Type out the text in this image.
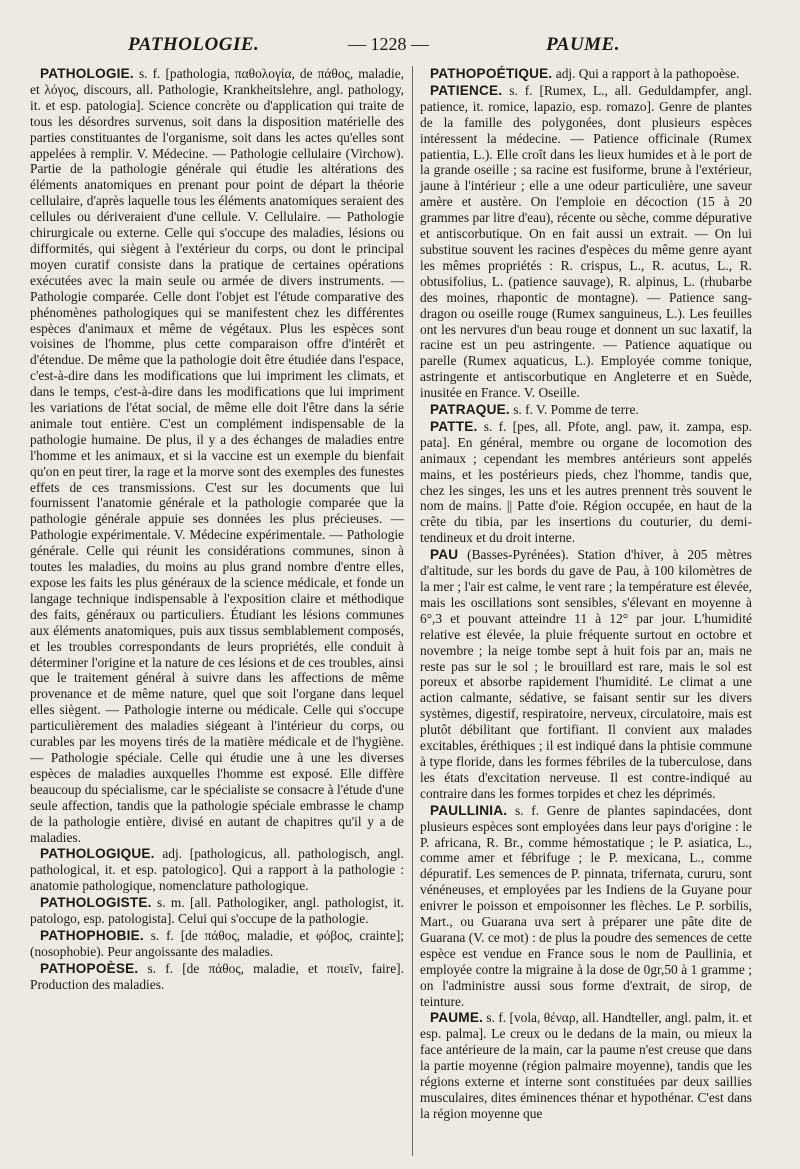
PATHOLOGIE.	— 1228 —	PAUME.

PATHOLOGIE. s. f. [pathologia, παθολογία, de πάθος, maladie, et λόγος, discours, all. Pathologie, Krankheitslehre, angl. pathology, it. et esp. patologia]. Science concrète ou d'application qui traite de tous les désordres survenus, soit dans la disposition matérielle des parties constituantes de l'organisme, soit dans les actes qu'elles sont appelées à remplir. V. Médecine. — Pathologie cellulaire (Virchow). Partie de la pathologie générale qui étudie les altérations des éléments anatomiques en prenant pour point de départ la théorie cellulaire, d'après laquelle tous les éléments anatomiques seraient des cellules ou dériveraient d'une cellule. V. Cellulaire. — Pathologie chirurgicale ou externe. Celle qui s'occupe des maladies, lésions ou difformités, qui siègent à l'extérieur du corps, ou dont le principal moyen curatif consiste dans la pratique de certaines opérations exécutées avec la main seule ou armée de divers instruments. — Pathologie comparée. Celle dont l'objet est l'étude comparative des phénomènes pathologiques qui se manifestent chez les différentes espèces d'animaux et même de végétaux. Plus les espèces sont voisines de l'homme, plus cette comparaison offre d'intérêt et d'étendue. De même que la pathologie doit être étudiée dans l'espace, c'est-à-dire dans les modifications que lui impriment les climats, et dans le temps, c'est-à-dire dans les modifications que lui impriment les variations de l'état social, de même elle doit l'être dans la série animale tout entière. C'est un complément indispensable de la pathologie humaine. De plus, il y a des échanges de maladies entre l'homme et les animaux, et si la vaccine est un exemple du bienfait qu'on en peut tirer, la rage et la morve sont des exemples des funestes effets de ces transmissions. C'est sur les documents que lui fournissent l'anatomie générale et la pathologie comparée que la pathologie générale appuie ses données les plus précieuses. — Pathologie expérimentale. V. Médecine expérimentale. — Pathologie générale. Celle qui réunit les considérations communes, sinon à toutes les maladies, du moins au plus grand nombre d'entre elles, expose les faits les plus généraux de la science médicale, et fonde un langage technique indispensable à l'exposition claire et méthodique des faits, généraux ou particuliers. Étudiant les lésions communes aux éléments anatomiques, puis aux tissus semblablement composés, et les troubles correspondants de leurs propriétés, elle conduit à déterminer l'origine et la nature de ces lésions et de ces troubles, ainsi que le traitement général à suivre dans les affections de même provenance et de même nature, quel que soit l'organe dans lequel elles siègent. — Pathologie interne ou médicale. Celle qui s'occupe particulièrement des maladies siégeant à l'intérieur du corps, ou curables par les moyens tirés de la matière médicale et de l'hygiène. — Pathologie spéciale. Celle qui étudie une à une les diverses espèces de maladies auxquelles l'homme est exposé. Elle diffère beaucoup du spécialisme, car le spécialiste se consacre à l'étude d'une seule affection, tandis que la pathologie spéciale embrasse le champ de la pathologie entière, divisé en autant de chapitres qu'il y a de maladies.

PATHOLOGIQUE. adj. [pathologicus, all. pathologisch, angl. pathological, it. et esp. patologico]. Qui a rapport à la pathologie : anatomie pathologique, nomenclature pathologique.

PATHOLOGISTE. s. m. [all. Pathologiker, angl. pathologist, it. patologo, esp. patologista]. Celui qui s'occupe de la pathologie.

PATHOPHOBIE. s. f. [de πάθος, maladie, et φόβος, crainte]; (nosophobie). Peur angoissante des maladies.

PATHOPOÈSE. s. f. [de πάθος, maladie, et ποιεῖν, faire]. Production des maladies.

PATHOPOÉTIQUE. adj. Qui a rapport à la pathopoèse.

PATIENCE. s. f. [Rumex, L., all. Geduldampfer, angl. patience, it. romice, lapazio, esp. romazo]. Genre de plantes de la famille des polygonées, dont plusieurs espèces intéressent la médecine. — Patience officinale (Rumex patientia, L.). Elle croît dans les lieux humides et à le port de la grande oseille ; sa racine est fusiforme, brune à l'extérieur, jaune à l'intérieur ; elle a une odeur particulière, une saveur amère et austère. On l'emploie en décoction (15 à 20 grammes par litre d'eau), récente ou sèche, comme dépurative et antiscorbutique. On en fait aussi un extrait. — On lui substitue souvent les racines d'espèces du même genre ayant les mêmes propriétés : R. crispus, L., R. acutus, L., R. obtusifolius, L. (patience sauvage), R. alpinus, L. (rhubarbe des moines, rhapontic de montagne). — Patience sang-dragon ou oseille rouge (Rumex sanguineus, L.). Les feuilles ont les nervures d'un beau rouge et donnent un suc laxatif, la racine est un peu astringente. — Patience aquatique ou parelle (Rumex aquaticus, L.). Employée comme tonique, astringente et antiscorbutique en Angleterre et en Suède, inusitée en France. V. Oseille.

PATRAQUE. s. f. V. Pomme de terre.

PATTE. s. f. [pes, all. Pfote, angl. paw, it. zampa, esp. pata]. En général, membre ou organe de locomotion des animaux ; cependant les membres antérieurs sont appelés mains, et les postérieurs pieds, chez l'homme, tandis que, chez les singes, les uns et les autres prennent très souvent le nom de mains. || Patte d'oie. Région occupée, en haut de la crête du tibia, par les insertions du couturier, du demi-tendineux et du droit interne.

PAU (Basses-Pyrénées). Station d'hiver, à 205 mètres d'altitude, sur les bords du gave de Pau, à 100 kilomètres de la mer ; l'air est calme, le vent rare ; la température est élevée, mais les oscillations sont sensibles, s'élevant en moyenne à 6°,3 et pouvant atteindre 11 à 12° par jour. L'humidité relative est élevée, la pluie fréquente surtout en octobre et novembre ; la neige tombe sept à huit fois par an, mais ne reste pas sur le sol ; le brouillard est rare, mais le sol est poreux et absorbe rapidement l'humidité. Le climat a une action calmante, sédative, se faisant sentir sur les divers systèmes, digestif, respiratoire, nerveux, circulatoire, mais est plutôt débilitant que fortifiant. Il convient aux malades excitables, éréthiques ; il est indiqué dans la phtisie commune à type floride, dans les formes fébriles de la tuberculose, dans les états d'excitation nerveuse. Il est contre-indiqué au contraire dans les formes torpides et chez les déprimés.

PAULLINIA. s. f. Genre de plantes sapindacées, dont plusieurs espèces sont employées dans leur pays d'origine : le P. africana, R. Br., comme hémostatique ; le P. asiatica, L., comme amer et fébrifuge ; le P. mexicana, L., comme dépuratif. Les semences de P. pinnata, trifernata, cururu, sont vénéneuses, et employées par les Indiens de la Guyane pour enivrer le poisson et empoisonner les flèches. Le P. sorbilis, Mart., ou Guarana uva sert à préparer une pâte dite de Guarana (V. ce mot) : de plus la poudre des semences de cette espèce est vendue en France sous le nom de Paullinia, et employée contre la migraine à la dose de 0gr,50 à 1 gramme ; on l'administre aussi sous forme d'extrait, de sirop, de teinture.

PAUME. s. f. [vola, θέναρ, all. Handteller, angl. palm, it. et esp. palma]. Le creux ou le dedans de la main, ou mieux la face antérieure de la main, car la paume n'est creuse que dans la partie moyenne (région palmaire moyenne), tandis que les régions externe et interne sont constituées par deux saillies musculaires, dites éminences thénar et hypothénar. C'est dans la région moyenne que
